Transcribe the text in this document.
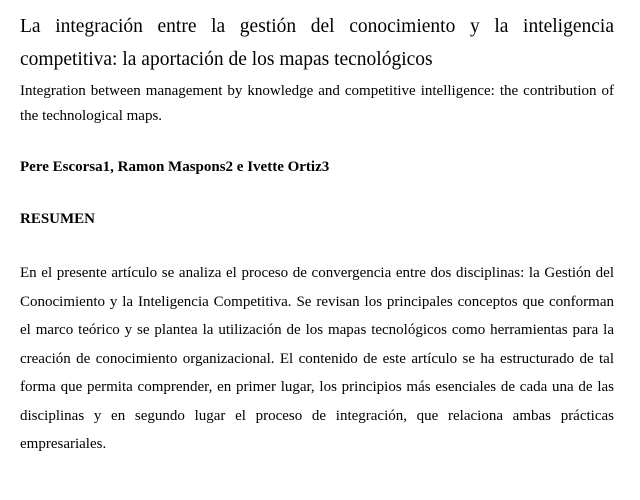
La integración entre la gestión del conocimiento y la inteligencia competitiva: la aportación de los mapas tecnológicos
Integration between management by knowledge and competitive intelligence: the contribution of the technological maps.
Pere Escorsa1, Ramon Maspons2 e Ivette Ortiz3
RESUMEN
En el presente artículo se analiza el proceso de convergencia entre dos disciplinas: la Gestión del Conocimiento y la Inteligencia Competitiva. Se revisan los principales conceptos que conforman el marco teórico y se plantea la utilización de los mapas tecnológicos como herramientas para la creación de conocimiento organizacional. El contenido de este artículo se ha estructurado de tal forma que permita comprender, en primer lugar, los principios más esenciales de cada una de las disciplinas y en segundo lugar el proceso de integración, que relaciona ambas prácticas empresariales.
